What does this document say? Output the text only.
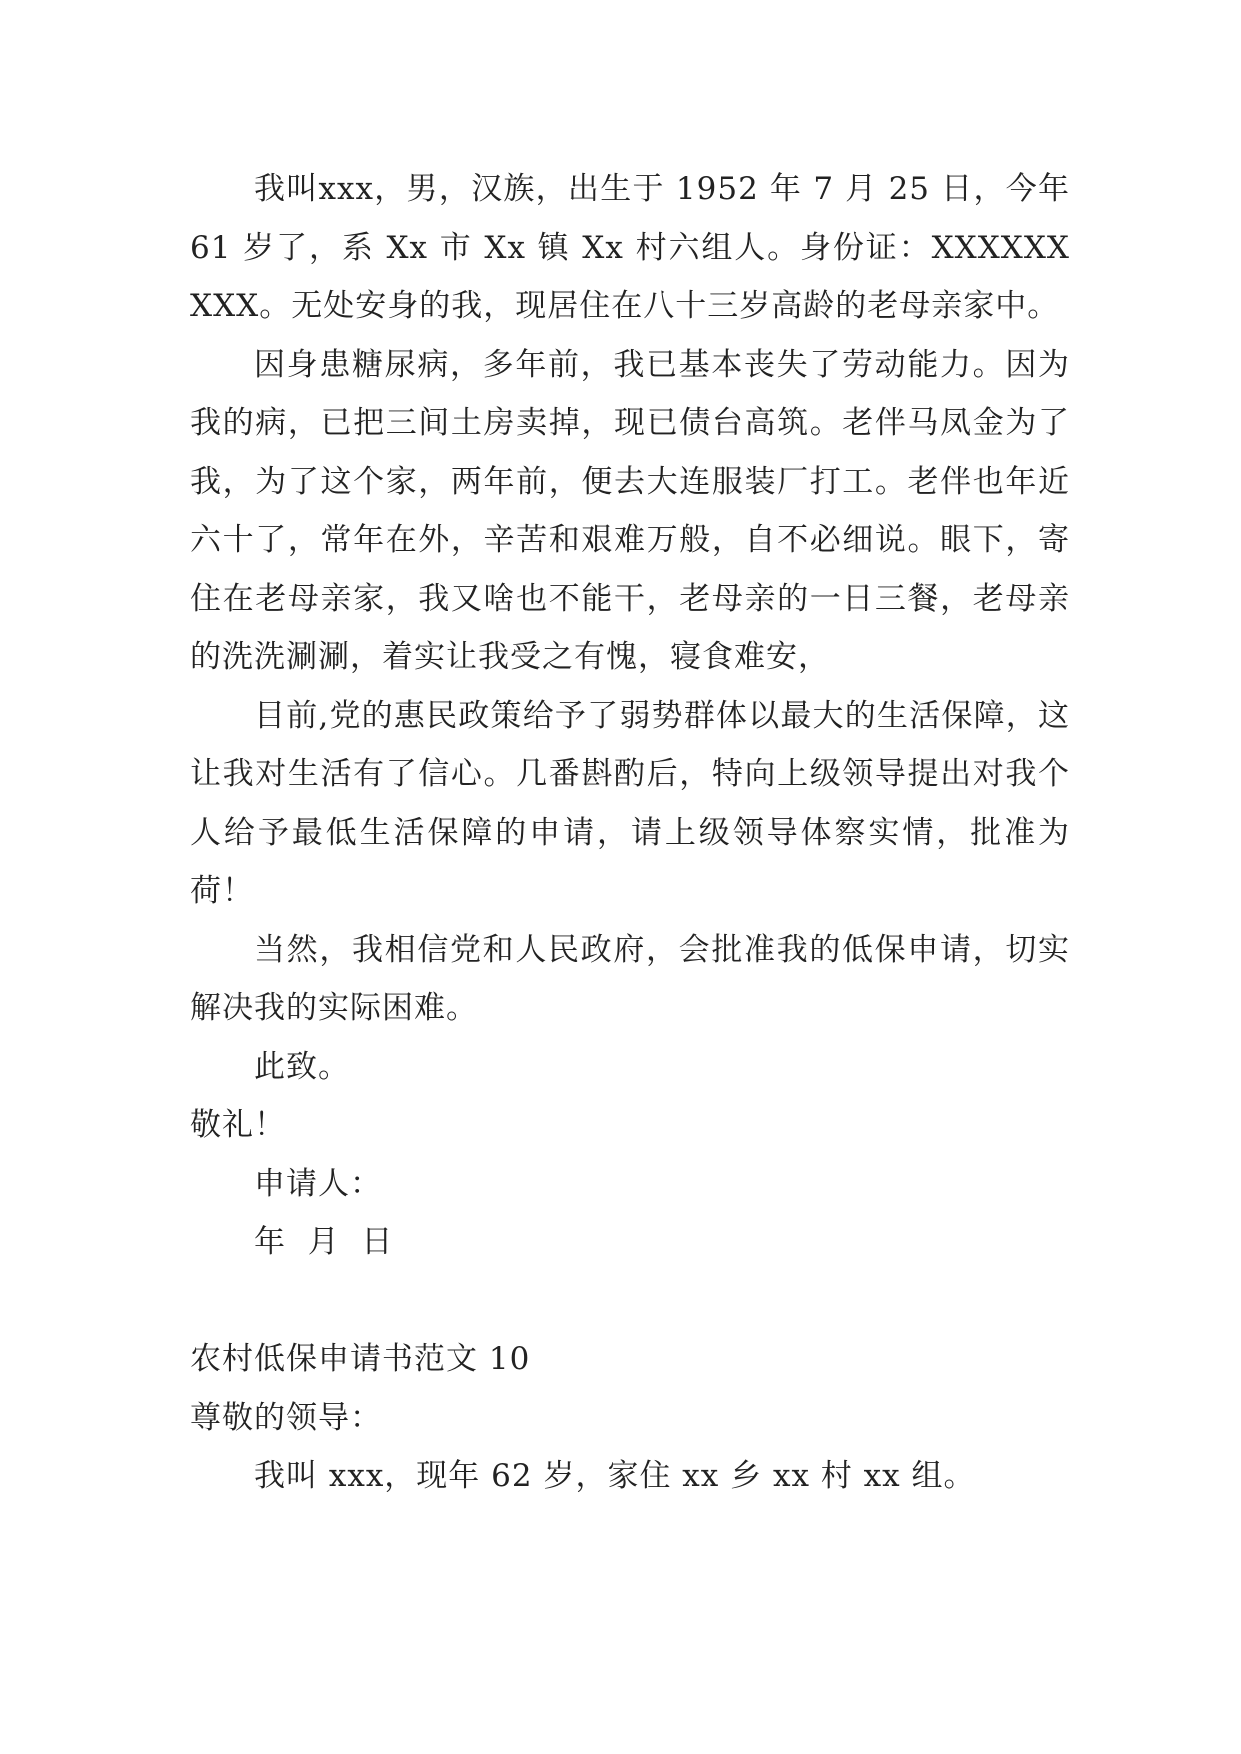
我叫xxx，男，汉族，出生于 1952 年 7 月 25 日，今年 61 岁了，系 Xx 市 Xx 镇 Xx 村六组人。身份证：XXXXXXXXX。无处安身的我，现居住在八十三岁高龄的老母亲家中。

因身患糖尿病，多年前，我已基本丧失了劳动能力。因为我的病，已把三间土房卖掉，现已债台高筑。老伴马凤金为了我，为了这个家，两年前，便去大连服装厂打工。老伴也年近六十了，常年在外，辛苦和艰难万般，自不必细说。眼下，寄住在老母亲家，我又啥也不能干，老母亲的一日三餐，老母亲的洗洗涮涮，着实让我受之有愧，寝食难安，

目前,党的惠民政策给予了弱势群体以最大的生活保障，这让我对生活有了信心。几番斟酌后，特向上级领导提出对我个人给予最低生活保障的申请，请上级领导体察实情，批准为荷！

当然，我相信党和人民政府，会批准我的低保申请，切实解决我的实际困难。

此致。

敬礼！

申请人：

年  月  日

农村低保申请书范文 10

尊敬的领导：

我叫 xxx，现年 62 岁，家住 xx 乡 xx 村 xx 组。
